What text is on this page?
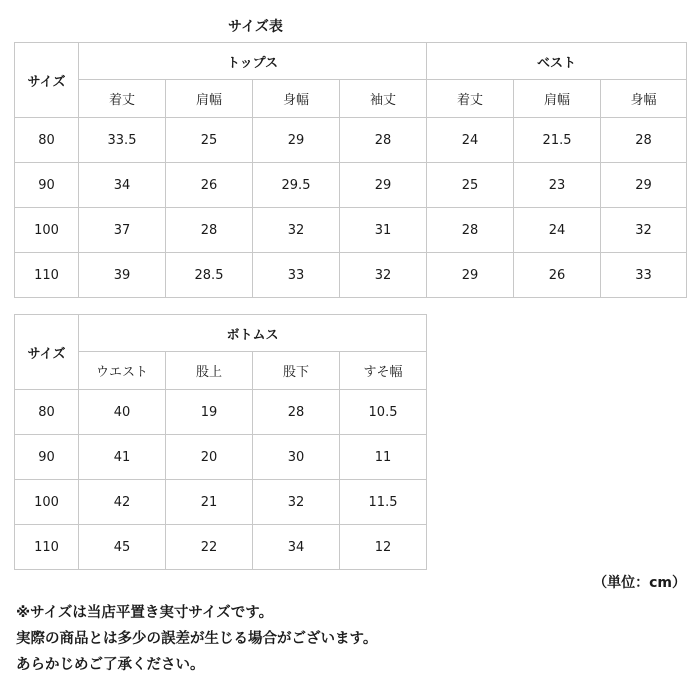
サイズ表
サイズ	トップス				ベスト		
	着丈	肩幅	身幅	袖丈	着丈	肩幅	身幅
80	33.5	25	29	28	24	21.5	28
90	34	26	29.5	29	25	23	29
100	37	28	32	31	28	24	32
110	39	28.5	33	32	29	26	33
サイズ	ボトムス			
	ウエスト	股上	股下	すそ幅
80	40	19	28	10.5
90	41	20	30	11
100	42	21	32	11.5
110	45	22	34	12
（単位：cm）
※サイズは当店平置き実寸サイズです。
実際の商品とは多少の誤差が生じる場合がございます。
あらかじめご了承ください。
